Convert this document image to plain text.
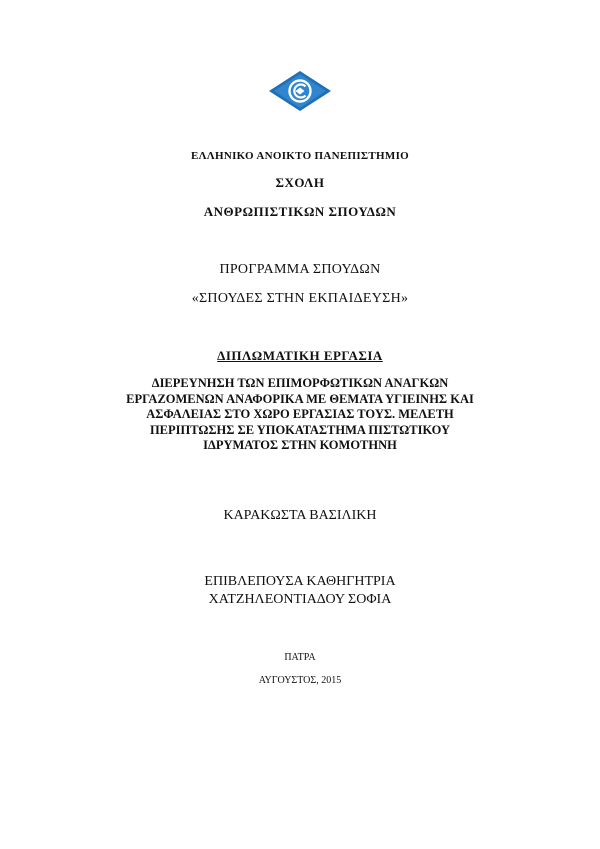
ΕΛΛΗΝΙΚΟ ΑΝΟΙΚΤΟ ΠΑΝΕΠΙΣΤΗΜΙΟ
ΣΧΟΛΗ
ΑΝΘΡΩΠΙΣΤΙΚΩΝ ΣΠΟΥΔΩΝ
ΠΡΟΓΡΑΜΜΑ ΣΠΟΥΔΩΝ
«ΣΠΟΥΔΕΣ ΣΤΗΝ ΕΚΠΑΙΔΕΥΣΗ»
ΔΙΠΛΩΜΑΤΙΚΗ ΕΡΓΑΣΙΑ
ΔΙΕΡΕΥΝΗΣΗ ΤΩΝ ΕΠΙΜΟΡΦΩΤΙΚΩΝ ΑΝΑΓΚΩΝ
ΕΡΓΑΖΟΜΕΝΩΝ ΑΝΑΦΟΡΙΚΑ ΜΕ ΘΕΜΑΤΑ ΥΓΙΕΙΝΗΣ ΚΑΙ
ΑΣΦΑΛΕΙΑΣ ΣΤΟ ΧΩΡΟ ΕΡΓΑΣΙΑΣ ΤΟΥΣ. ΜΕΛΕΤΗ
ΠΕΡΙΠΤΩΣΗΣ ΣΕ ΥΠΟΚΑΤΑΣΤΗΜΑ ΠΙΣΤΩΤΙΚΟΥ
ΙΔΡΥΜΑΤΟΣ ΣΤΗΝ ΚΟΜΟΤΗΝΗ
ΚΑΡΑΚΩΣΤΑ ΒΑΣΙΛΙΚΗ
ΕΠΙΒΛΕΠΟΥΣΑ ΚΑΘΗΓΗΤΡΙΑ
ΧΑΤΖΗΛΕΟΝΤΙΑΔΟΥ ΣΟΦΙΑ
ΠΑΤΡΑ
ΑΥΓΟΥΣΤΟΣ, 2015
